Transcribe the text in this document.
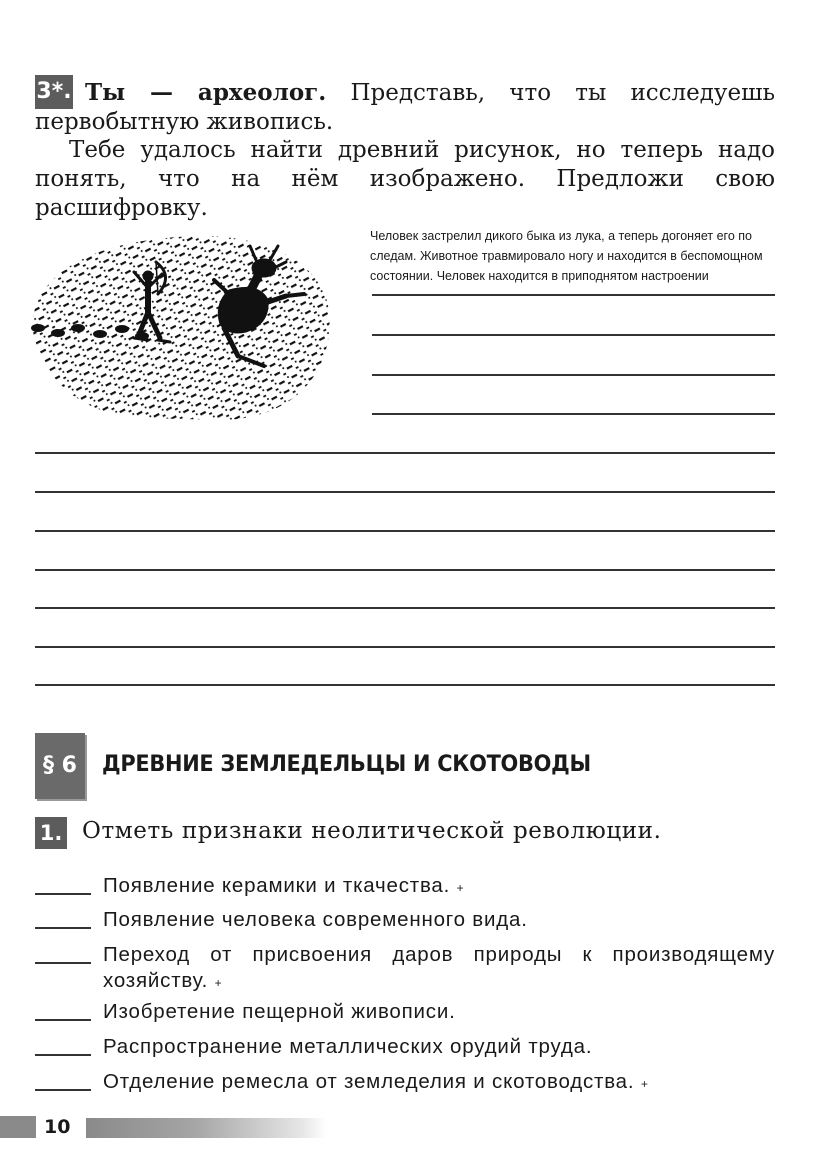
3*. Ты — археолог. Представь, что ты исследуешь первобытную живопись.
Тебе удалось найти древний рисунок, но теперь надо понять, что на нём изображено. Предложи свою расшифровку.
Человек застрелил дикого быка из лука, а теперь догоняет его по следам. Животное травмировало ногу и находится в беспомощном состоянии. Человек находится в приподнятом настроении
§ 6	ДРЕВНИЕ ЗЕМЛЕДЕЛЬЦЫ И СКОТОВОДЫ
1. Отметь признаки неолитической революции.
Появление керамики и ткачества. +
Появление человека современного вида.
Переход от присвоения даров природы к производящему хозяйству. +
Изобретение пещерной живописи.
Распространение металлических орудий труда.
Отделение ремесла от земледелия и скотоводства. +
10
